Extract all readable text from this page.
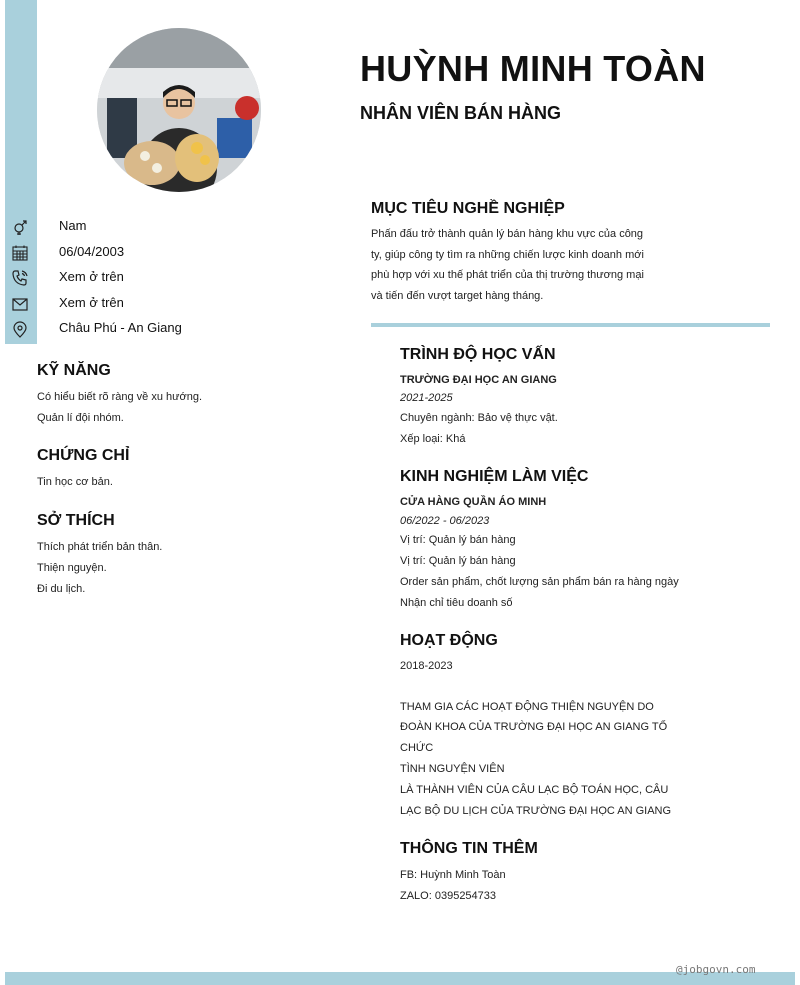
HUỲNH MINH TOÀN
NHÂN VIÊN BÁN HÀNG
Nam
06/04/2003
Xem ở trên
Xem ở trên
Châu Phú - An Giang
KỸ NĂNG
Có hiểu biết rõ ràng về xu hướng.
Quản lí đội nhóm.
CHỨNG CHỈ
Tin học cơ bản.
SỞ THÍCH
Thích phát triển bản thân.
Thiện nguyện.
Đi du lịch.
MỤC TIÊU NGHỀ NGHIỆP
Phấn đấu trở thành quản lý bán hàng khu vực của công
ty, giúp công ty tìm ra những chiến lược kinh doanh mới
phù hợp với xu thế phát triển của thị trường thương mại
và tiến đến vượt target hàng tháng.
TRÌNH ĐỘ HỌC VẤN
TRƯỜNG ĐẠI HỌC AN GIANG
2021-2025
Chuyên ngành: Bảo vệ thực vật.
Xếp loại: Khá
KINH NGHIỆM LÀM VIỆC
CỬA HÀNG QUẦN ÁO MINH
06/2022 - 06/2023
Vị trí: Quản lý bán hàng
Vị trí: Quản lý bán hàng
Order sản phẩm, chốt lượng sản phẩm bán ra hàng ngày
Nhận chỉ tiêu doanh số
HOẠT ĐỘNG
2018-2023
THAM GIA CÁC HOẠT ĐỘNG THIỆN NGUYỆN DO
ĐOÀN KHOA CỦA TRƯỜNG ĐẠI HỌC AN GIANG TỔ
CHỨC
TÌNH NGUYỆN VIÊN
LÀ THÀNH VIÊN CỦA CÂU LẠC BỘ TOÁN HỌC, CÂU
LẠC BỘ DU LỊCH CỦA TRƯỜNG ĐẠI HỌC AN GIANG
THÔNG TIN THÊM
FB: Huỳnh Minh Toàn
ZALO: 0395254733
@jobgovn.com
